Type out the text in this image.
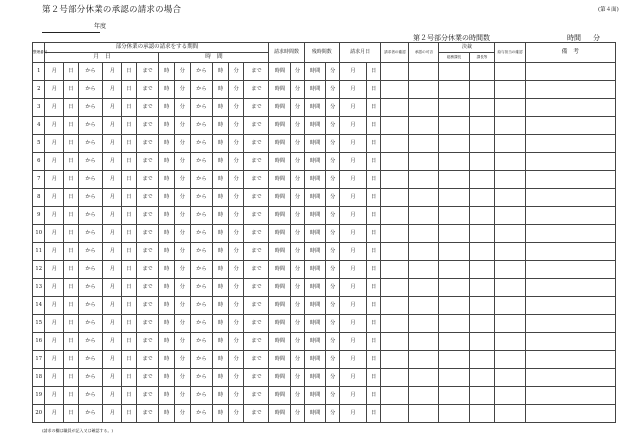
第２号部分休業の承認の請求の場合	(第４面)
年度
第２号部分休業の時間数	時間 分
整理番号	部分休業の承認の請求をする期間												請求時間数		残時間数		請求月日		請求者の確認	承認の可否	決裁		給与担当の確認	備　考
	月　日						時　間														総務課長	課長等		
1	月	日	から	月	日	まで	時	分	から	時	分	まで	時間	分	時間	分	月	日						
2	月	日	から	月	日	まで	時	分	から	時	分	まで	時間	分	時間	分	月	日						
3	月	日	から	月	日	まで	時	分	から	時	分	まで	時間	分	時間	分	月	日						
4	月	日	から	月	日	まで	時	分	から	時	分	まで	時間	分	時間	分	月	日						
5	月	日	から	月	日	まで	時	分	から	時	分	まで	時間	分	時間	分	月	日						
6	月	日	から	月	日	まで	時	分	から	時	分	まで	時間	分	時間	分	月	日						
7	月	日	から	月	日	まで	時	分	から	時	分	まで	時間	分	時間	分	月	日						
8	月	日	から	月	日	まで	時	分	から	時	分	まで	時間	分	時間	分	月	日						
9	月	日	から	月	日	まで	時	分	から	時	分	まで	時間	分	時間	分	月	日						
10	月	日	から	月	日	まで	時	分	から	時	分	まで	時間	分	時間	分	月	日						
11	月	日	から	月	日	まで	時	分	から	時	分	まで	時間	分	時間	分	月	日						
12	月	日	から	月	日	まで	時	分	から	時	分	まで	時間	分	時間	分	月	日						
13	月	日	から	月	日	まで	時	分	から	時	分	まで	時間	分	時間	分	月	日						
14	月	日	から	月	日	まで	時	分	から	時	分	まで	時間	分	時間	分	月	日						
15	月	日	から	月	日	まで	時	分	から	時	分	まで	時間	分	時間	分	月	日						
16	月	日	から	月	日	まで	時	分	から	時	分	まで	時間	分	時間	分	月	日						
17	月	日	から	月	日	まで	時	分	から	時	分	まで	時間	分	時間	分	月	日						
18	月	日	から	月	日	まで	時	分	から	時	分	まで	時間	分	時間	分	月	日						
19	月	日	から	月	日	まで	時	分	から	時	分	まで	時間	分	時間	分	月	日						
20	月	日	から	月	日	まで	時	分	から	時	分	まで	時間	分	時間	分	月	日						
(請求の欄は職員が記入又は確認する。)
